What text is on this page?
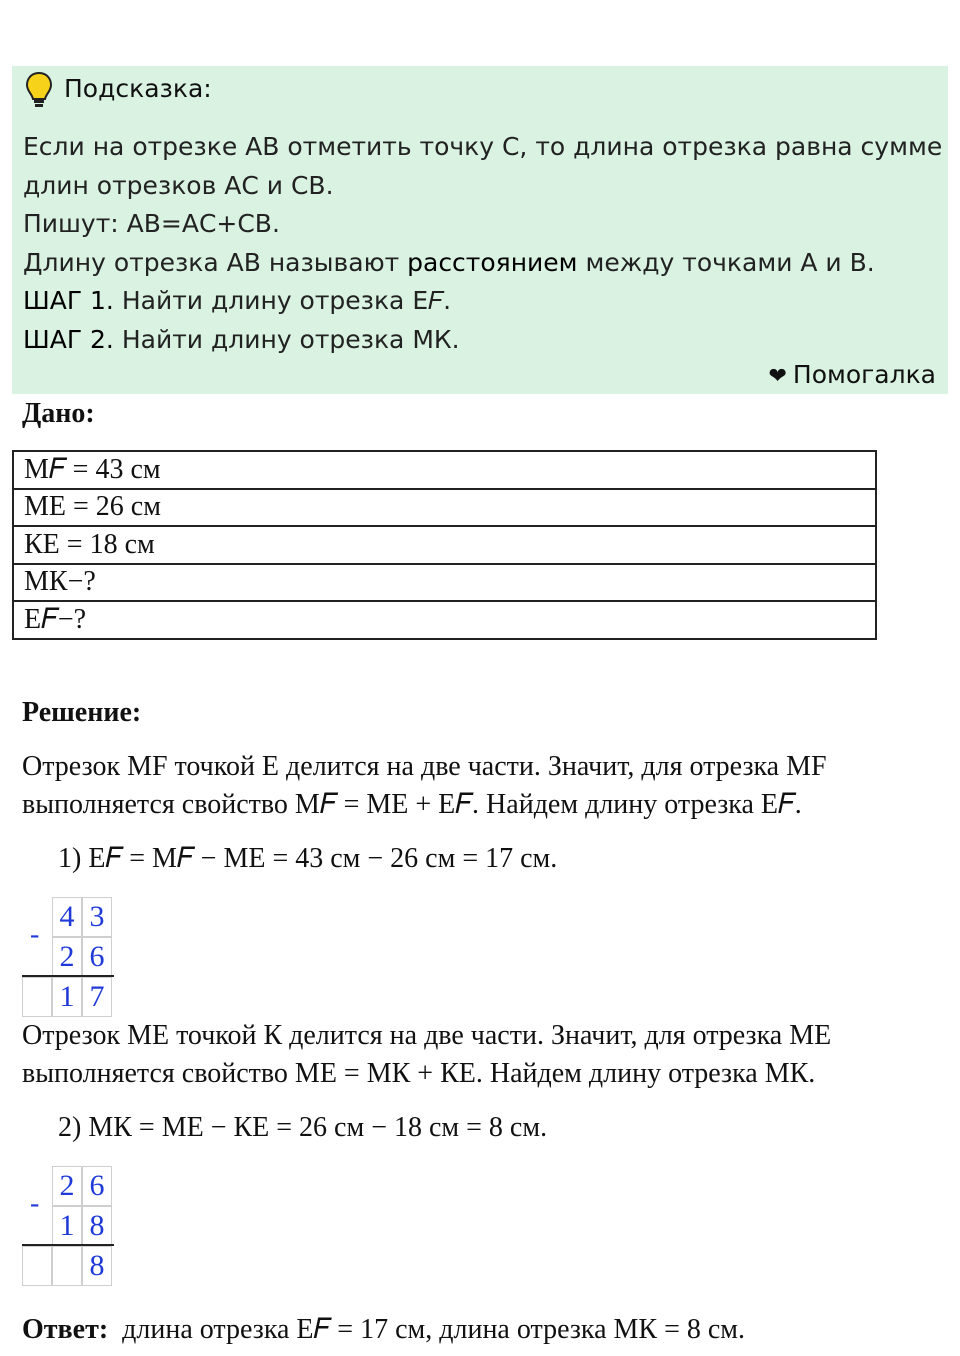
Подсказка:
Если на отрезке АВ отметить точку С, то длина отрезка равна сумме
длин отрезков АС и СВ.
Пишут: АВ=АС+СВ.
Длину отрезка АВ называют расстоянием между точками А и В.
ШАГ 1. Найти длину отрезка E𝐹.
ШАГ 2. Найти длину отрезка МК.
❤ Помогалка
Дано:
М𝐹 = 43 см
МЕ = 26 см
КЕ = 18 см
МК−?
Е𝐹−?
Решение:
Отрезок MF точкой Е делится на две части. Значит, для отрезка MF
выполняется свойство М𝐹 = МЕ + Е𝐹. Найдем длину отрезка Е𝐹.
1) Е𝐹 = М𝐹 − МЕ = 43 см − 26 см = 17 см.
-
4 3
2 6
1 7
Отрезок МЕ точкой К делится на две части. Значит, для отрезка МЕ
выполняется свойство МЕ = МК + КЕ. Найдем длину отрезка МК.
2) МК = МЕ − КЕ = 26 см − 18 см = 8 см.
-
2 6
1 8
8
Ответ: длина отрезка Е𝐹 = 17 см, длина отрезка МК = 8 см.
